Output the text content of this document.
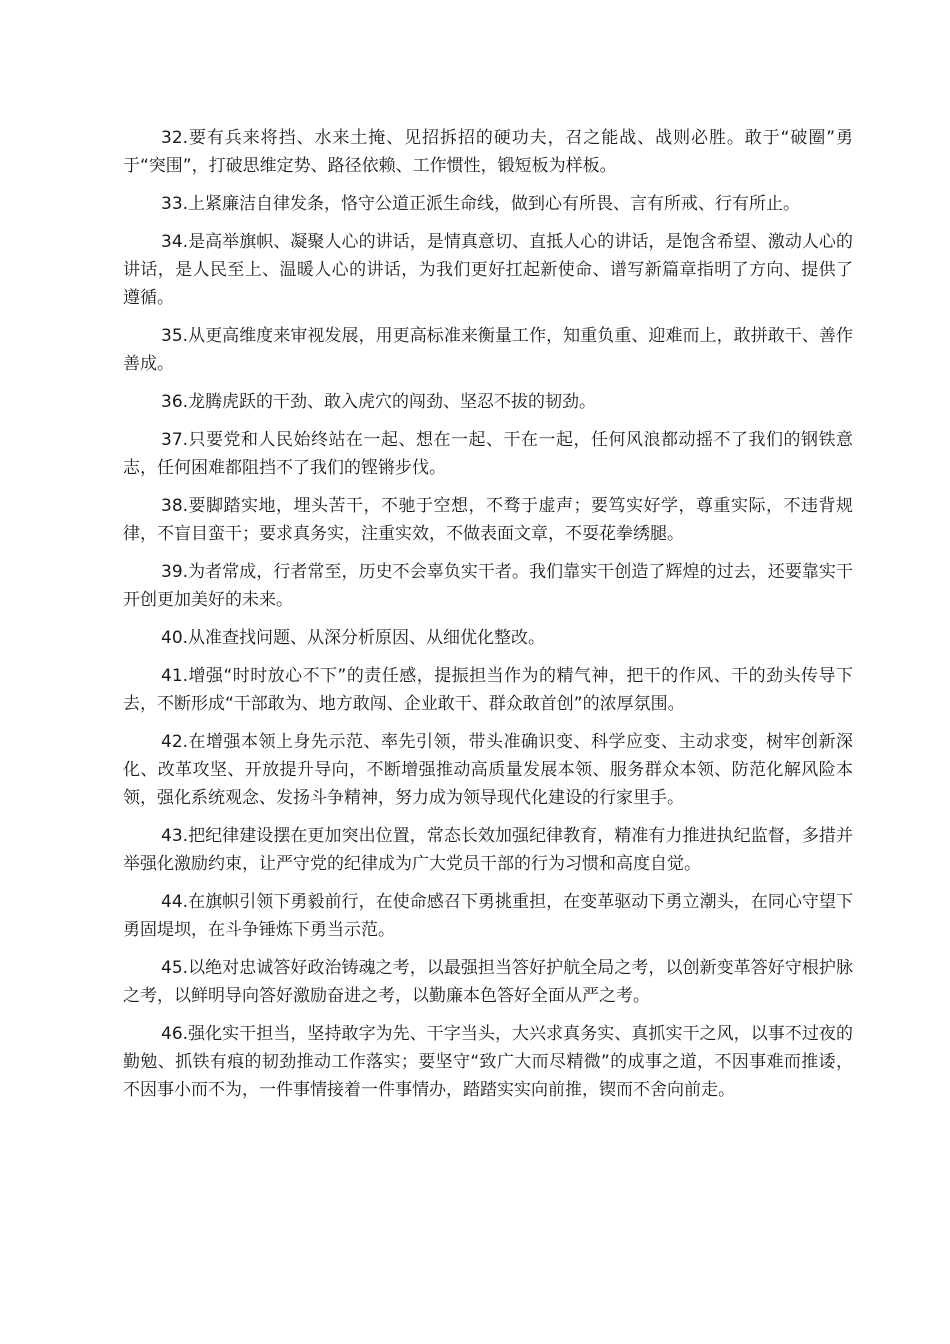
32.要有兵来将挡、水来土掩、见招拆招的硬功夫，召之能战、战则必胜。敢于“破圈”勇于“突围”，打破思维定势、路径依赖、工作惯性，锻短板为样板。

33.上紧廉洁自律发条，恪守公道正派生命线，做到心有所畏、言有所戒、行有所止。

34.是高举旗帜、凝聚人心的讲话，是情真意切、直抵人心的讲话，是饱含希望、激动人心的讲话，是人民至上、温暖人心的讲话，为我们更好扛起新使命、谱写新篇章指明了方向、提供了遵循。

35.从更高维度来审视发展，用更高标准来衡量工作，知重负重、迎难而上，敢拼敢干、善作善成。

36.龙腾虎跃的干劲、敢入虎穴的闯劲、坚忍不拔的韧劲。

37.只要党和人民始终站在一起、想在一起、干在一起，任何风浪都动摇不了我们的钢铁意志，任何困难都阻挡不了我们的铿锵步伐。

38.要脚踏实地，埋头苦干，不驰于空想，不骛于虚声；要笃实好学，尊重实际，不违背规律，不盲目蛮干；要求真务实，注重实效，不做表面文章，不耍花拳绣腿。

39.为者常成，行者常至，历史不会辜负实干者。我们靠实干创造了辉煌的过去，还要靠实干开创更加美好的未来。

40.从准查找问题、从深分析原因、从细优化整改。

41.增强“时时放心不下”的责任感，提振担当作为的精气神，把干的作风、干的劲头传导下去，不断形成“干部敢为、地方敢闯、企业敢干、群众敢首创”的浓厚氛围。

42.在增强本领上身先示范、率先引领，带头准确识变、科学应变、主动求变，树牢创新深化、改革攻坚、开放提升导向，不断增强推动高质量发展本领、服务群众本领、防范化解风险本领，强化系统观念、发扬斗争精神，努力成为领导现代化建设的行家里手。

43.把纪律建设摆在更加突出位置，常态长效加强纪律教育，精准有力推进执纪监督，多措并举强化激励约束，让严守党的纪律成为广大党员干部的行为习惯和高度自觉。

44.在旗帜引领下勇毅前行，在使命感召下勇挑重担，在变革驱动下勇立潮头，在同心守望下勇固堤坝，在斗争锤炼下勇当示范。

45.以绝对忠诚答好政治铸魂之考，以最强担当答好护航全局之考，以创新变革答好守根护脉之考，以鲜明导向答好激励奋进之考，以勤廉本色答好全面从严之考。

46.强化实干担当，坚持敢字为先、干字当头，大兴求真务实、真抓实干之风，以事不过夜的勤勉、抓铁有痕的韧劲推动工作落实；要坚守“致广大而尽精微”的成事之道，不因事难而推诿，不因事小而不为，一件事情接着一件事情办，踏踏实实向前推，锲而不舍向前走。
